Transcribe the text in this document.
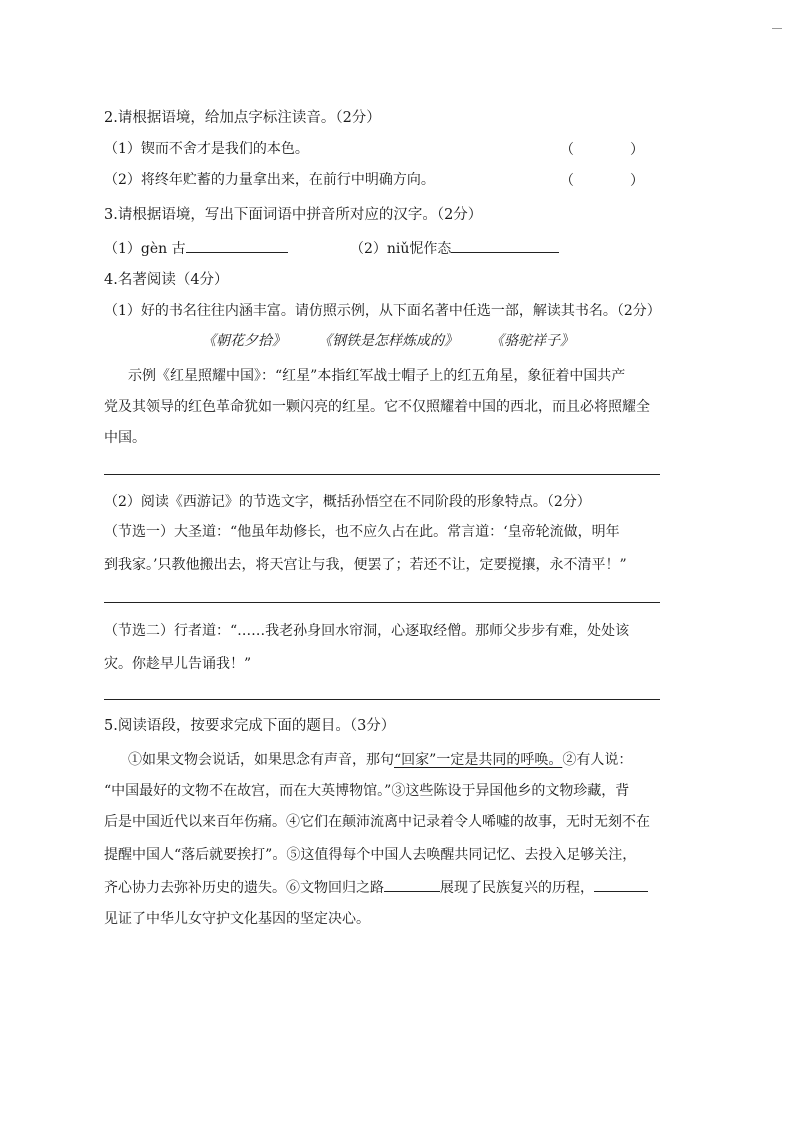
2.请根据语境，给加点字标注读音。（2分）
（1）锲而不舍才是我们的本色。	（　　　　）
（2）将终年贮蓄的力量拿出来，在前行中明确方向。	（　　　　）
3.请根据语境，写出下面词语中拼音所对应的汉字。（2分）
（1）gèn 古	（2）niǔ怩作态
4.名著阅读（4分）
（1）好的书名往往内涵丰富。请仿照示例，从下面名著中任选一部，解读其书名。（2分）
《朝花夕拾》 《钢铁是怎样炼成的》 《骆驼祥子》
示例《红星照耀中国》：“红星”本指红军战士帽子上的红五角星，象征着中国共产
党及其领导的红色革命犹如一颗闪亮的红星。它不仅照耀着中国的西北，而且必将照耀全
中国。
（2）阅读《西游记》的节选文字，概括孙悟空在不同阶段的形象特点。（2分）
（节选一）大圣道：“他虽年劫修长，也不应久占在此。常言道：‘皇帝轮流做，明年
到我家。’只教他搬出去，将天宫让与我，便罢了；若还不让，定要搅攘，永不清平！”
（节选二）行者道：“……我老孙身回水帘洞，心逐取经僧。那师父步步有难，处处该
灾。你趁早儿告诵我！”
5.阅读语段，按要求完成下面的题目。（3分）
①如果文物会说话，如果思念有声音，那句“回家”一定是共同的呼唤。②有人说：
“中国最好的文物不在故宫，而在大英博物馆。”③这些陈设于异国他乡的文物珍藏，背
后是中国近代以来百年伤痛。④它们在颠沛流离中记录着令人唏嘘的故事，无时无刻不在
提醒中国人“落后就要挨打”。⑤这值得每个中国人去唤醒共同记忆、去投入足够关注，
齐心协力去弥补历史的遗失。⑥文物回归之路	展现了民族复兴的历程，
见证了中华儿女守护文化基因的坚定决心。
